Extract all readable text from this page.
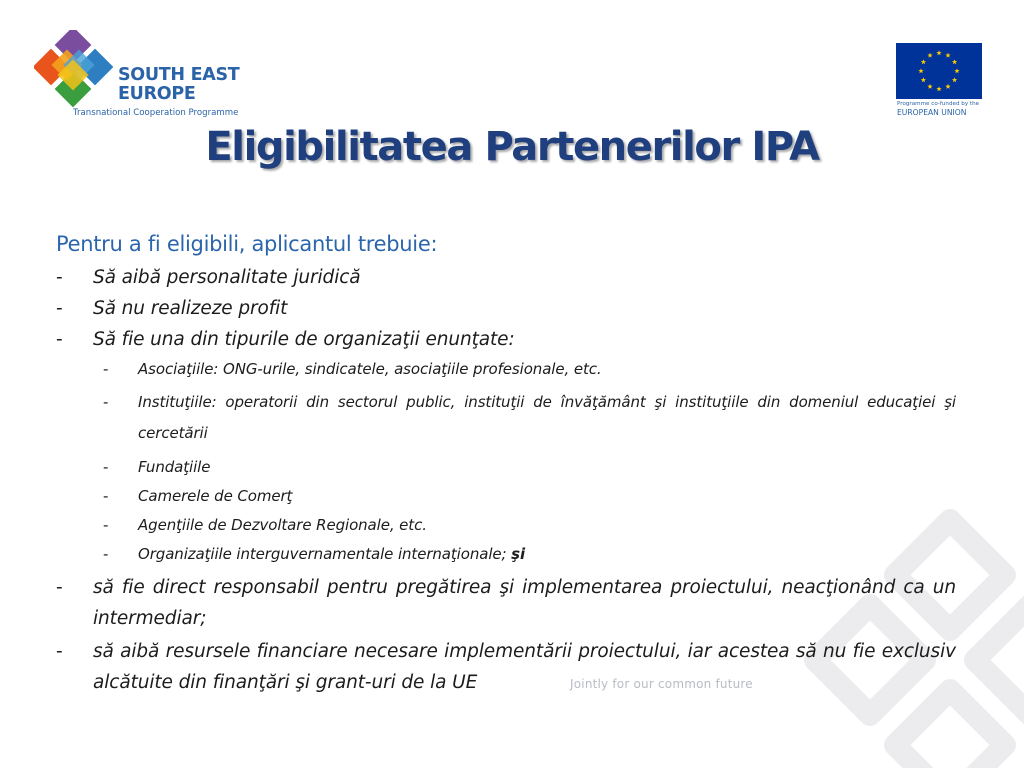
Jointly for our common future
SOUTH EAST
EUROPE
Transnational Cooperation Programme
Programme co-funded by the
EUROPEAN UNION
Eligibilitatea Partenerilor IPA
Pentru a fi eligibili, aplicantul trebuie:
- Să aibă personalitate juridică
- Să nu realizeze profit
- Să fie una din tipurile de organizaţii enunţate:
- Asociaţiile: ONG-urile, sindicatele, asociaţiile profesionale, etc.
- Instituţiile: operatorii din sectorul public, instituţii de învăţământ şi instituţiile din domeniul educaţiei şi cercetării
- Fundaţiile
- Camerele de Comerţ
- Agenţiile de Dezvoltare Regionale, etc.
- Organizaţiile interguvernamentale internaţionale; şi
- să fie direct responsabil pentru pregătirea şi implementarea proiectului, neacţionând ca un intermediar;
- să aibă resursele financiare necesare implementării proiectului, iar acestea să nu fie exclusiv alcătuite din finanţări şi grant-uri de la UE
